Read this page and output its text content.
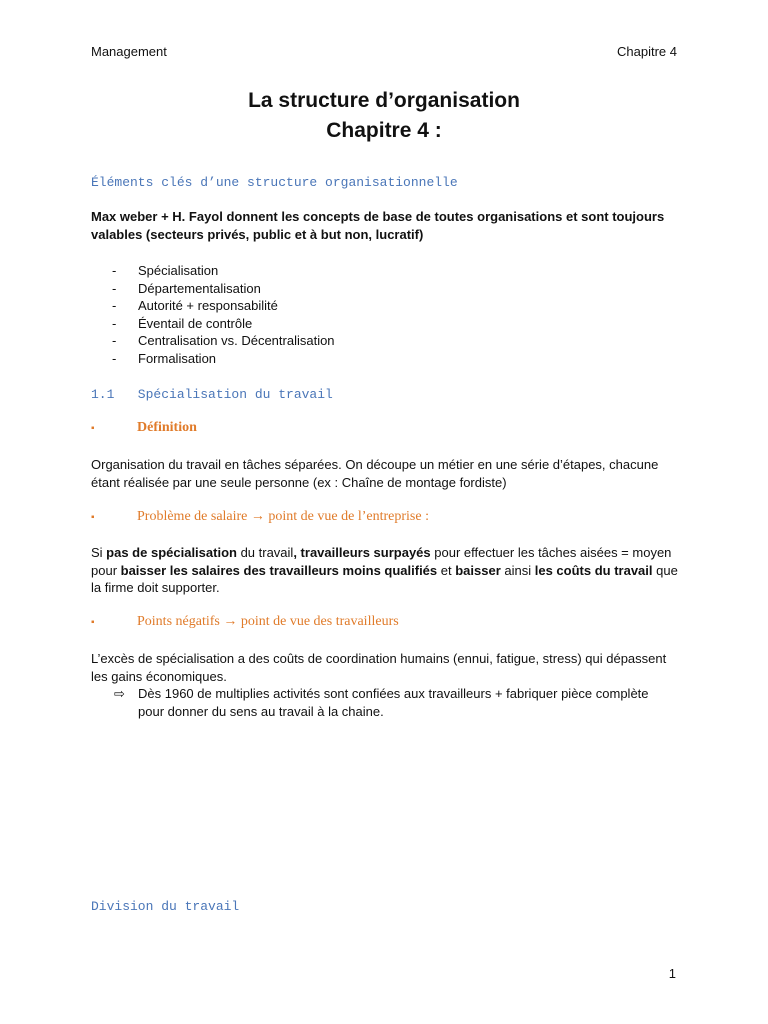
Management	Chapitre 4
La structure d’organisation
Chapitre 4 :
Éléments clés d’une structure organisationnelle
Max weber + H. Fayol donnent les concepts de base de toutes organisations et sont toujours valables (secteurs privés, public et à but non, lucratif)
-	Spécialisation
-	Départementalisation
-	Autorité + responsabilité
-	Éventail de contrôle
-	Centralisation vs. Décentralisation
-	Formalisation
1.1   Spécialisation du travail
▪	Définition
Organisation du travail en tâches séparées. On découpe un métier en une série d’étapes, chacune étant réalisée par une seule personne (ex : Chaîne de montage fordiste)
▪	Problème de salaire → point de vue de l’entreprise :
Si pas de spécialisation du travail, travailleurs surpayés pour effectuer les tâches aisées = moyen pour baisser les salaires des travailleurs moins qualifiés et baisser ainsi les coûts du travail que la firme doit supporter.
▪	Points négatifs → point de vue des travailleurs
L’excès de spécialisation a des coûts de coordination humains (ennui, fatigue, stress) qui dépassent les gains économiques.
⇨	Dès 1960 de multiplies activités sont confiées aux travailleurs + fabriquer pièce complète pour donner du sens au travail à la chaine.
Division du travail
1
